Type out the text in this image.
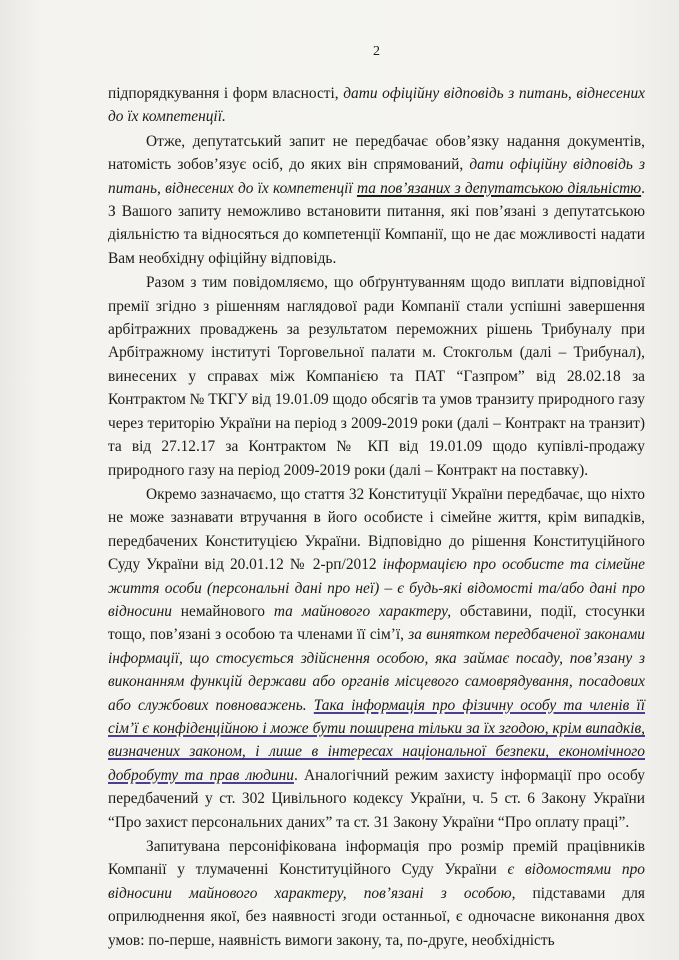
2

підпорядкування і форм власності, дати офіційну відповідь з питань, віднесених до їх компетенції.

Отже, депутатський запит не передбачає обов’язку надання документів, натомість зобов’язує осіб, до яких він спрямований, дати офіційну відповідь з питань, віднесених до їх компетенції та пов’язаних з депутатською діяльністю. З Вашого запиту неможливо встановити питання, які пов’язані з депутатською діяльністю та відносяться до компетенції Компанії, що не дає можливості надати Вам необхідну офіційну відповідь.

Разом з тим повідомляємо, що обґрунтуванням щодо виплати відповідної премії згідно з рішенням наглядової ради Компанії стали успішні завершення арбітражних проваджень за результатом переможних рішень Трибуналу при Арбітражному інституті Торговельної палати м. Стокгольм (далі – Трибунал), винесених у справах між Компанією та ПАТ “Газпром” від 28.02.18 за Контрактом № ТКГУ від 19.01.09 щодо обсягів та умов транзиту природного газу через територію України на період з 2009-2019 роки (далі – Контракт на транзит) та від 27.12.17 за Контрактом № КП від 19.01.09 щодо купівлі-продажу природного газу на період 2009-2019 роки (далі – Контракт на поставку).

Окремо зазначаємо, що стаття 32 Конституції України передбачає, що ніхто не може зазнавати втручання в його особисте і сімейне життя, крім випадків, передбачених Конституцією України. Відповідно до рішення Конституційного Суду України від 20.01.12 № 2-рп/2012 інформацією про особисте та сімейне життя особи (персональні дані про неї) – є будь-які відомості та/або дані про відносини немайнового та майнового характеру, обставини, події, стосунки тощо, пов’язані з особою та членами її сім’ї, за винятком передбаченої законами інформації, що стосується здійснення особою, яка займає посаду, пов’язану з виконанням функцій держави або органів місцевого самоврядування, посадових або службових повноважень. Така інформація про фізичну особу та членів її сім’ї є конфіденційною і може бути поширена тільки за їх згодою, крім випадків, визначених законом, і лише в інтересах національної безпеки, економічного добробуту та прав людини. Аналогічний режим захисту інформації про особу передбачений у ст. 302 Цивільного кодексу України, ч. 5 ст. 6 Закону України “Про захист персональних даних” та ст. 31 Закону України “Про оплату праці”.

Запитувана персоніфікована інформація про розмір премій працівників Компанії у тлумаченні Конституційного Суду України є відомостями про відносини майнового характеру, пов’язані з особою, підставами для оприлюднення якої, без наявності згоди останньої, є одночасне виконання двох умов: по-перше, наявність вимоги закону, та, по-друге, необхідність
